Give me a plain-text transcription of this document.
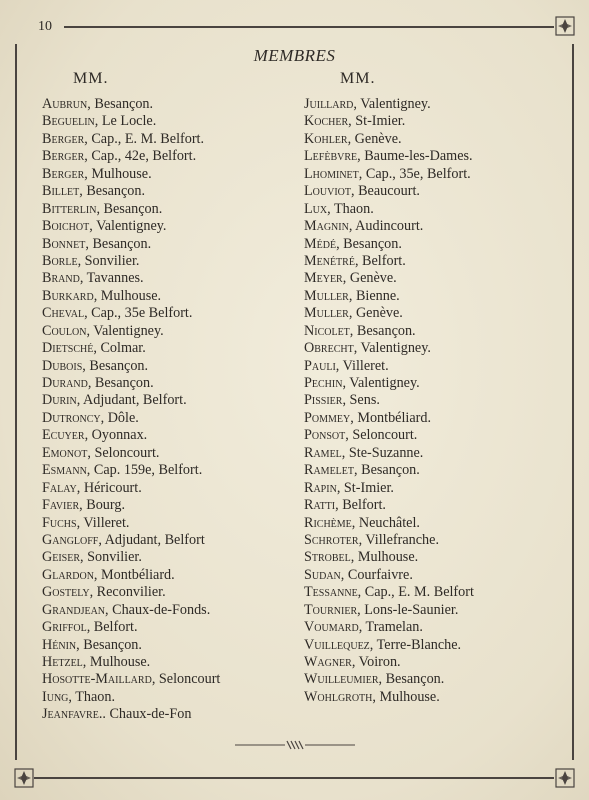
10
MEMBRES
MM.	MM.
Aubrun, Besançon.
Beguelin, Le Locle.
Berger, Cap., E. M. Belfort.
Berger, Cap., 42e, Belfort.
Berger, Mulhouse.
Billet, Besançon.
Bitterlin, Besançon.
Boichot, Valentigney.
Bonnet, Besançon.
Borle, Sonvilier.
Brand, Tavannes.
Burkard, Mulhouse.
Cheval, Cap., 35e Belfort.
Coulon, Valentigney.
Dietsché, Colmar.
Dubois, Besançon.
Durand, Besançon.
Durin, Adjudant, Belfort.
Dutroncy, Dôle.
Ecuyer, Oyonnax.
Emonot, Seloncourt.
Esmann, Cap. 159e, Belfort.
Falay, Héricourt.
Favier, Bourg.
Fuchs, Villeret.
Gangloff, Adjudant, Belfort
Geiser, Sonvilier.
Glardon, Montbéliard.
Gostely, Reconvilier.
Grandjean, Chaux-de-Fonds.
Griffol, Belfort.
Hénin, Besançon.
Hetzel, Mulhouse.
Hosotte-Maillard, Seloncourt
Iung, Thaon.
Jeanfavre.. Chaux-de-Fon
Juillard, Valentigney.
Kocher, St-Imier.
Kohler, Genève.
Lefèbvre, Baume-les-Dames.
Lhominet, Cap., 35e, Belfort.
Louviot, Beaucourt.
Lux, Thaon.
Magnin, Audincourt.
Médé, Besançon.
Menétré, Belfort.
Meyer, Genève.
Muller, Bienne.
Muller, Genève.
Nicolet, Besançon.
Obrecht, Valentigney.
Pauli, Villeret.
Pechin, Valentigney.
Pissier, Sens.
Pommey, Montbéliard.
Ponsot, Seloncourt.
Ramel, Ste-Suzanne.
Ramelet, Besançon.
Rapin, St-Imier.
Ratti, Belfort.
Richème, Neuchâtel.
Schroter, Villefranche.
Strobel, Mulhouse.
Sudan, Courfaivre.
Tessanne, Cap., E. M. Belfort
Tournier, Lons-le-Saunier.
Voumard, Tramelan.
Vuillequez, Terre-Blanche.
Wagner, Voiron.
Wuilleumier, Besançon.
Wohlgroth, Mulhouse.
